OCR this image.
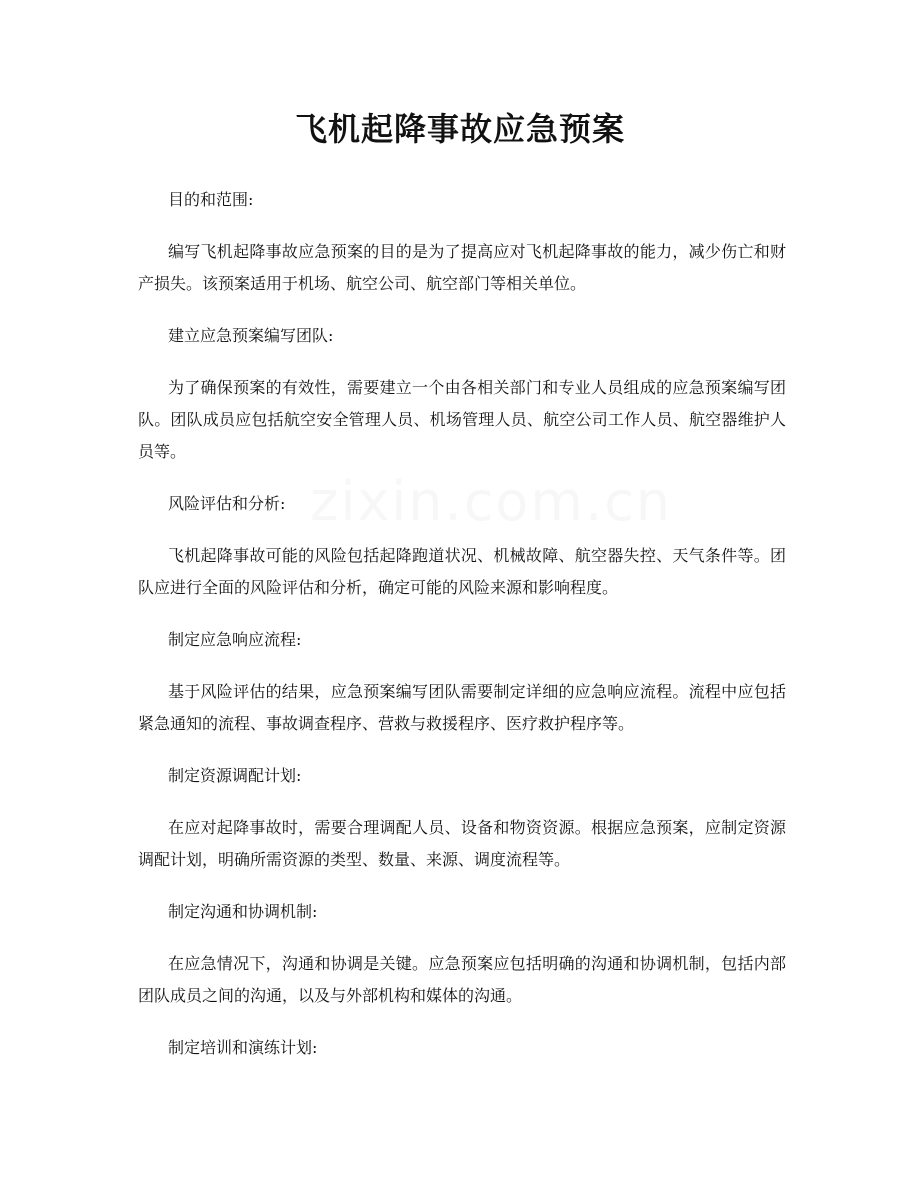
zixin.com.cn
飞机起降事故应急预案

目的和范围:

编写飞机起降事故应急预案的目的是为了提高应对飞机起降事故的能力，减少伤亡和财产损失。该预案适用于机场、航空公司、航空部门等相关单位。

建立应急预案编写团队:

为了确保预案的有效性，需要建立一个由各相关部门和专业人员组成的应急预案编写团队。团队成员应包括航空安全管理人员、机场管理人员、航空公司工作人员、航空器维护人员等。

风险评估和分析:

飞机起降事故可能的风险包括起降跑道状况、机械故障、航空器失控、天气条件等。团队应进行全面的风险评估和分析，确定可能的风险来源和影响程度。

制定应急响应流程:

基于风险评估的结果，应急预案编写团队需要制定详细的应急响应流程。流程中应包括紧急通知的流程、事故调查程序、营救与救援程序、医疗救护程序等。

制定资源调配计划:

在应对起降事故时，需要合理调配人员、设备和物资资源。根据应急预案，应制定资源调配计划，明确所需资源的类型、数量、来源、调度流程等。

制定沟通和协调机制:

在应急情况下，沟通和协调是关键。应急预案应包括明确的沟通和协调机制，包括内部团队成员之间的沟通，以及与外部机构和媒体的沟通。

制定培训和演练计划:
